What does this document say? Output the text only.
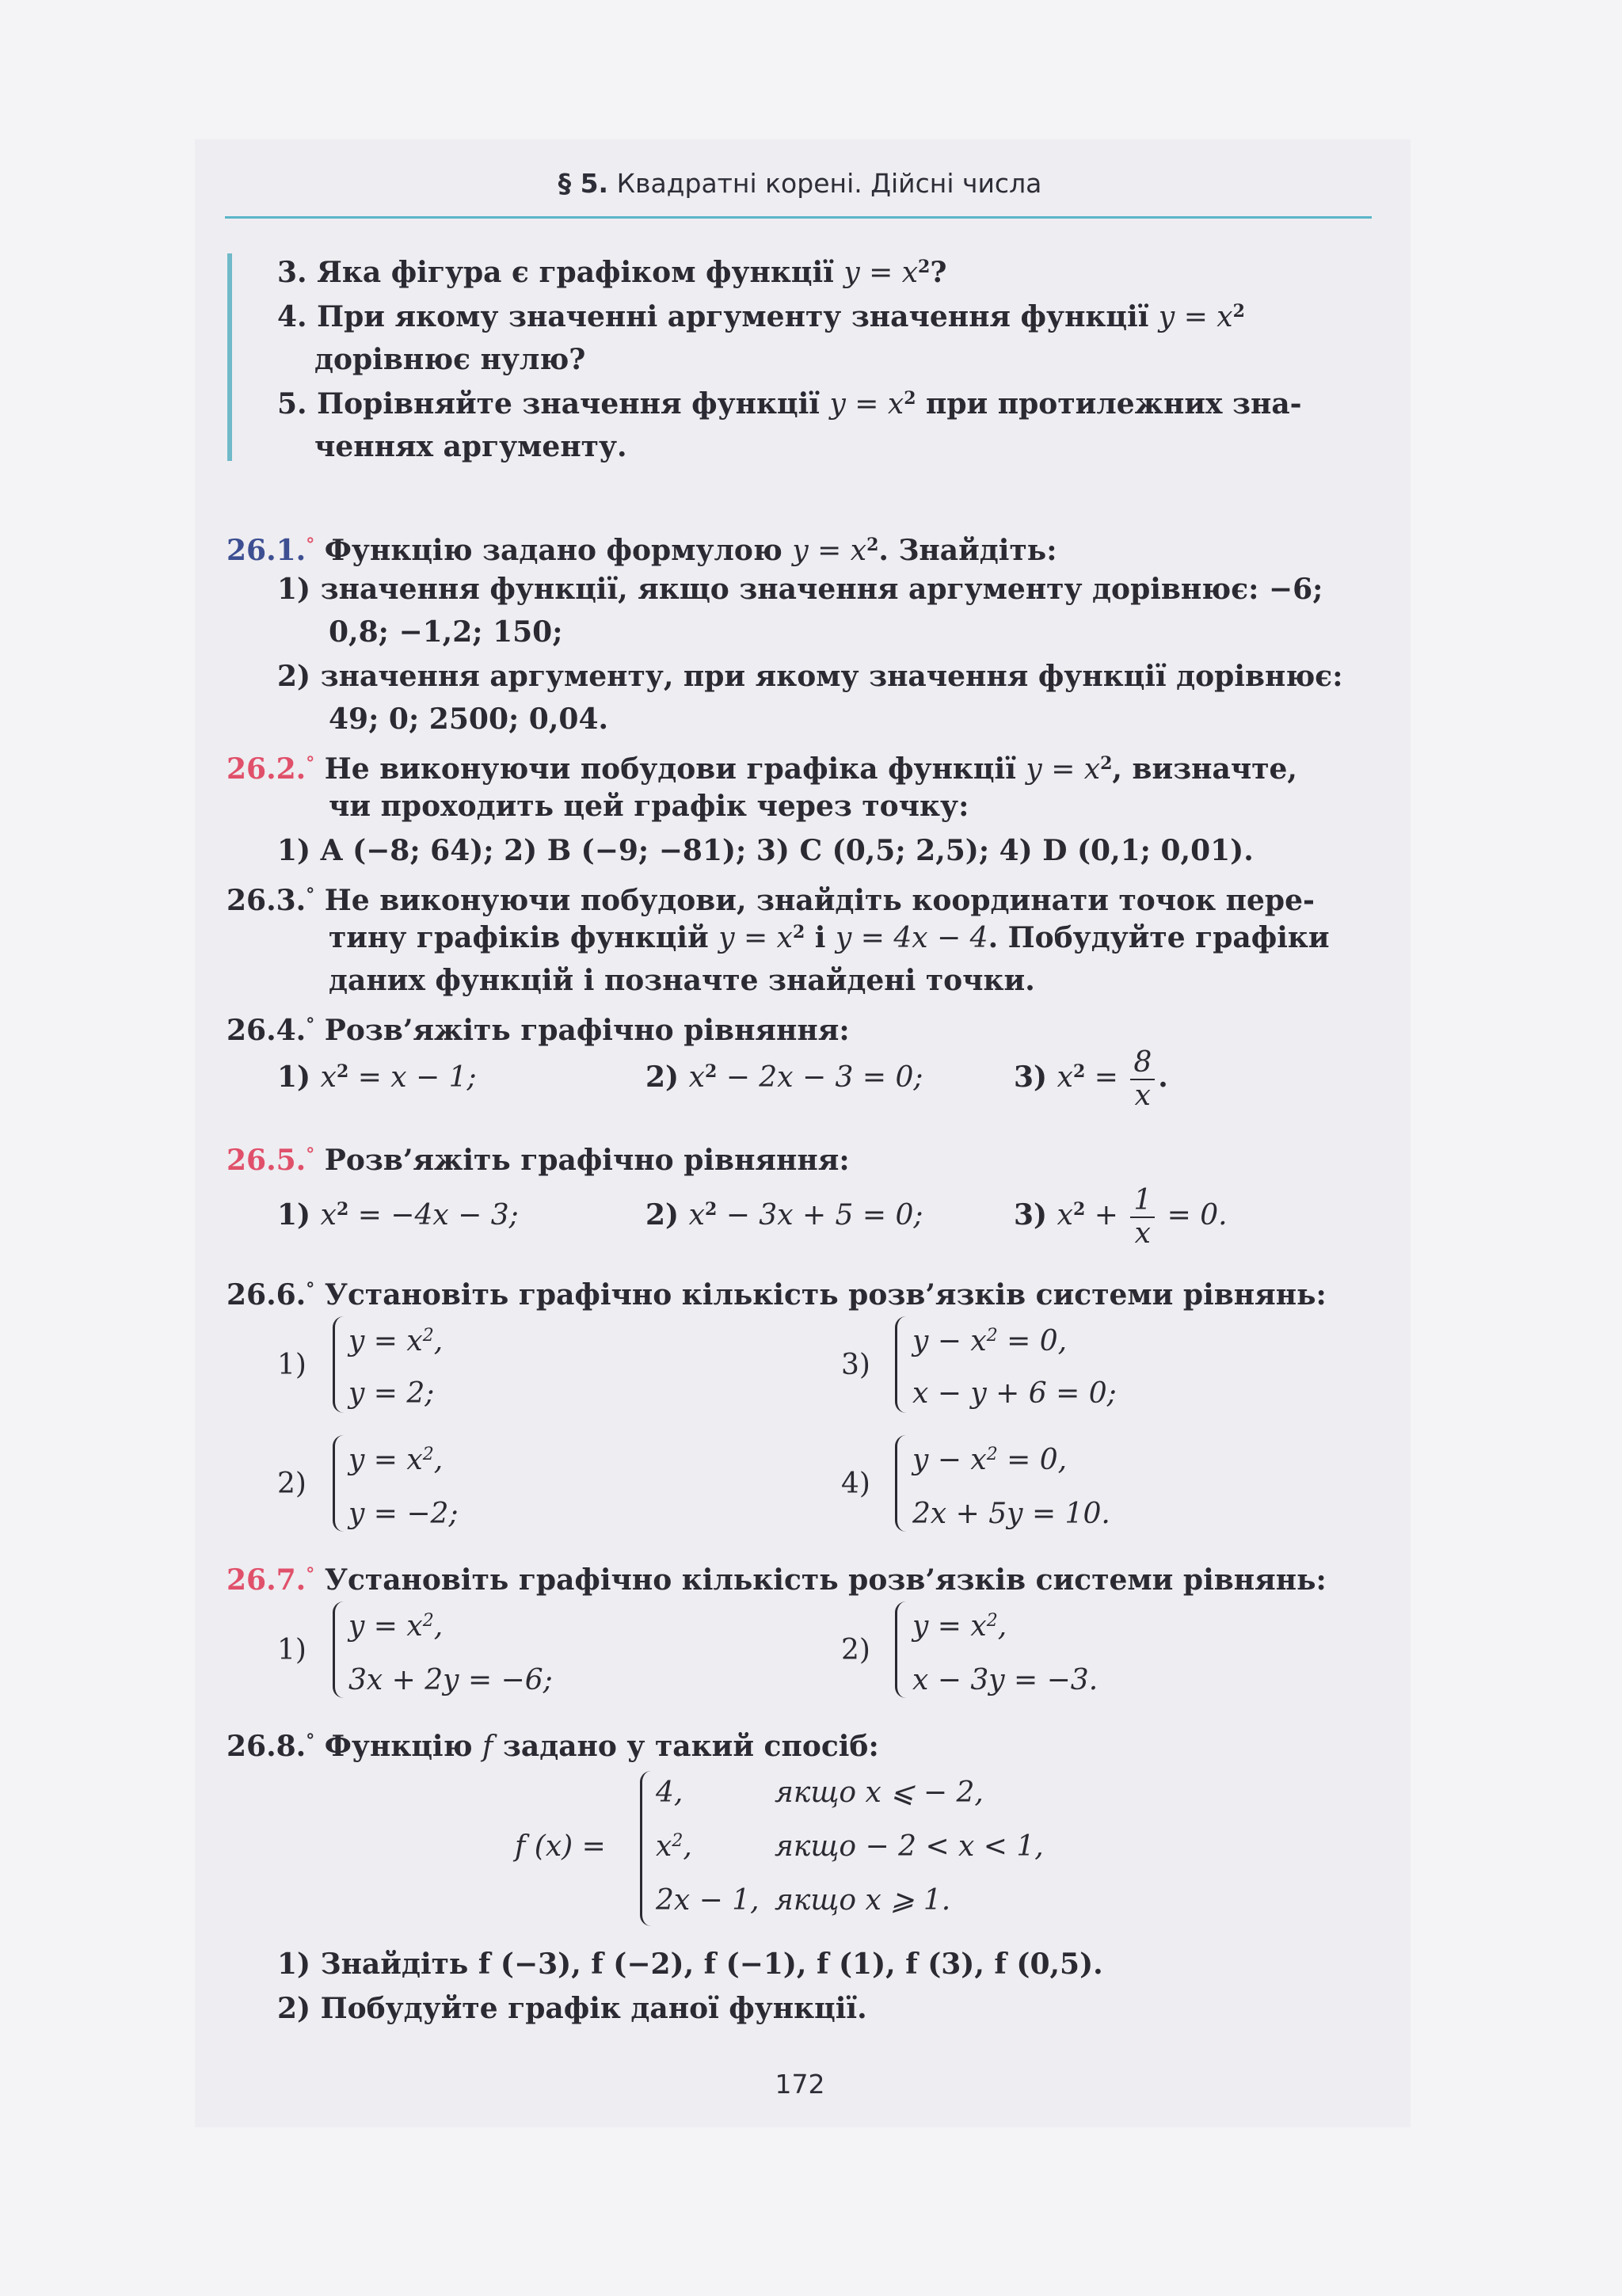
§ 5. Квадратні корені. Дійсні числа
3. Яка фігура є графіком функції $y = x^2$?
4. При якому значенні аргументу значення функції $y = x^2$
дорівнює нулю?
5. Порівняйте значення функції $y = x^2$ при протилежних зна-
ченнях аргументу.
26.1.° Функцію задано формулою $y = x^2$. Знайдіть:
1) значення функції, якщо значення аргументу дорівнює: −6;
0,8; −1,2; 150;
2) значення аргументу, при якому значення функції дорівнює:
49; 0; 2500; 0,04.
26.2.° Не виконуючи побудови графіка функції $y = x^2$, визначте,
чи проходить цей графік через точку:
1) A (−8; 64); 2) B (−9; −81); 3) C (0,5; 2,5); 4) D (0,1; 0,01).
26.3.° Не виконуючи побудови, знайдіть координати точок пере-
тину графіків функцій $y = x^2$ і y = 4x − 4. Побудуйте графіки
даних функцій і позначте знайдені точки.
26.4.° Розв’яжіть графічно рівняння:
1) $x^2 = x - 1$;	2) $x^2 - 2x - 3 = 0$;	3) $x^2 = \frac{8}{x}$ .
26.5.° Розв’яжіть графічно рівняння:
1) $x^2 = -4x - 3$;	2) $x^2 - 3x + 5 = 0$;	3) $x^2 + \frac{1}{x} = 0$.
26.6.° Установіть графічно кількість розв’язків системи рівнянь:
1)
$y = x^2$,
y = 2;
3)
$y - x^2 = 0$,
x − y + 6 = 0;
2)
$y = x^2$,
y = −2;
4)
$y - x^2 = 0$,
2x + 5y = 10.
26.7.° Установіть графічно кількість розв’язків системи рівнянь:
1)
$y = x^2$,
3x + 2y = −6;
2)
$y = x^2$,
x − 3y = −3.
26.8.° Функцію f задано у такий спосіб:
f (x) =
4,	якщо x ⩽ − 2,
$x^2$,	якщо − 2 < x < 1,
2x − 1, якщо x ⩾ 1.
1) Знайдіть f (−3), f (−2), f (−1), f (1), f (3), f (0,5).
2) Побудуйте графік даної функції.
172
